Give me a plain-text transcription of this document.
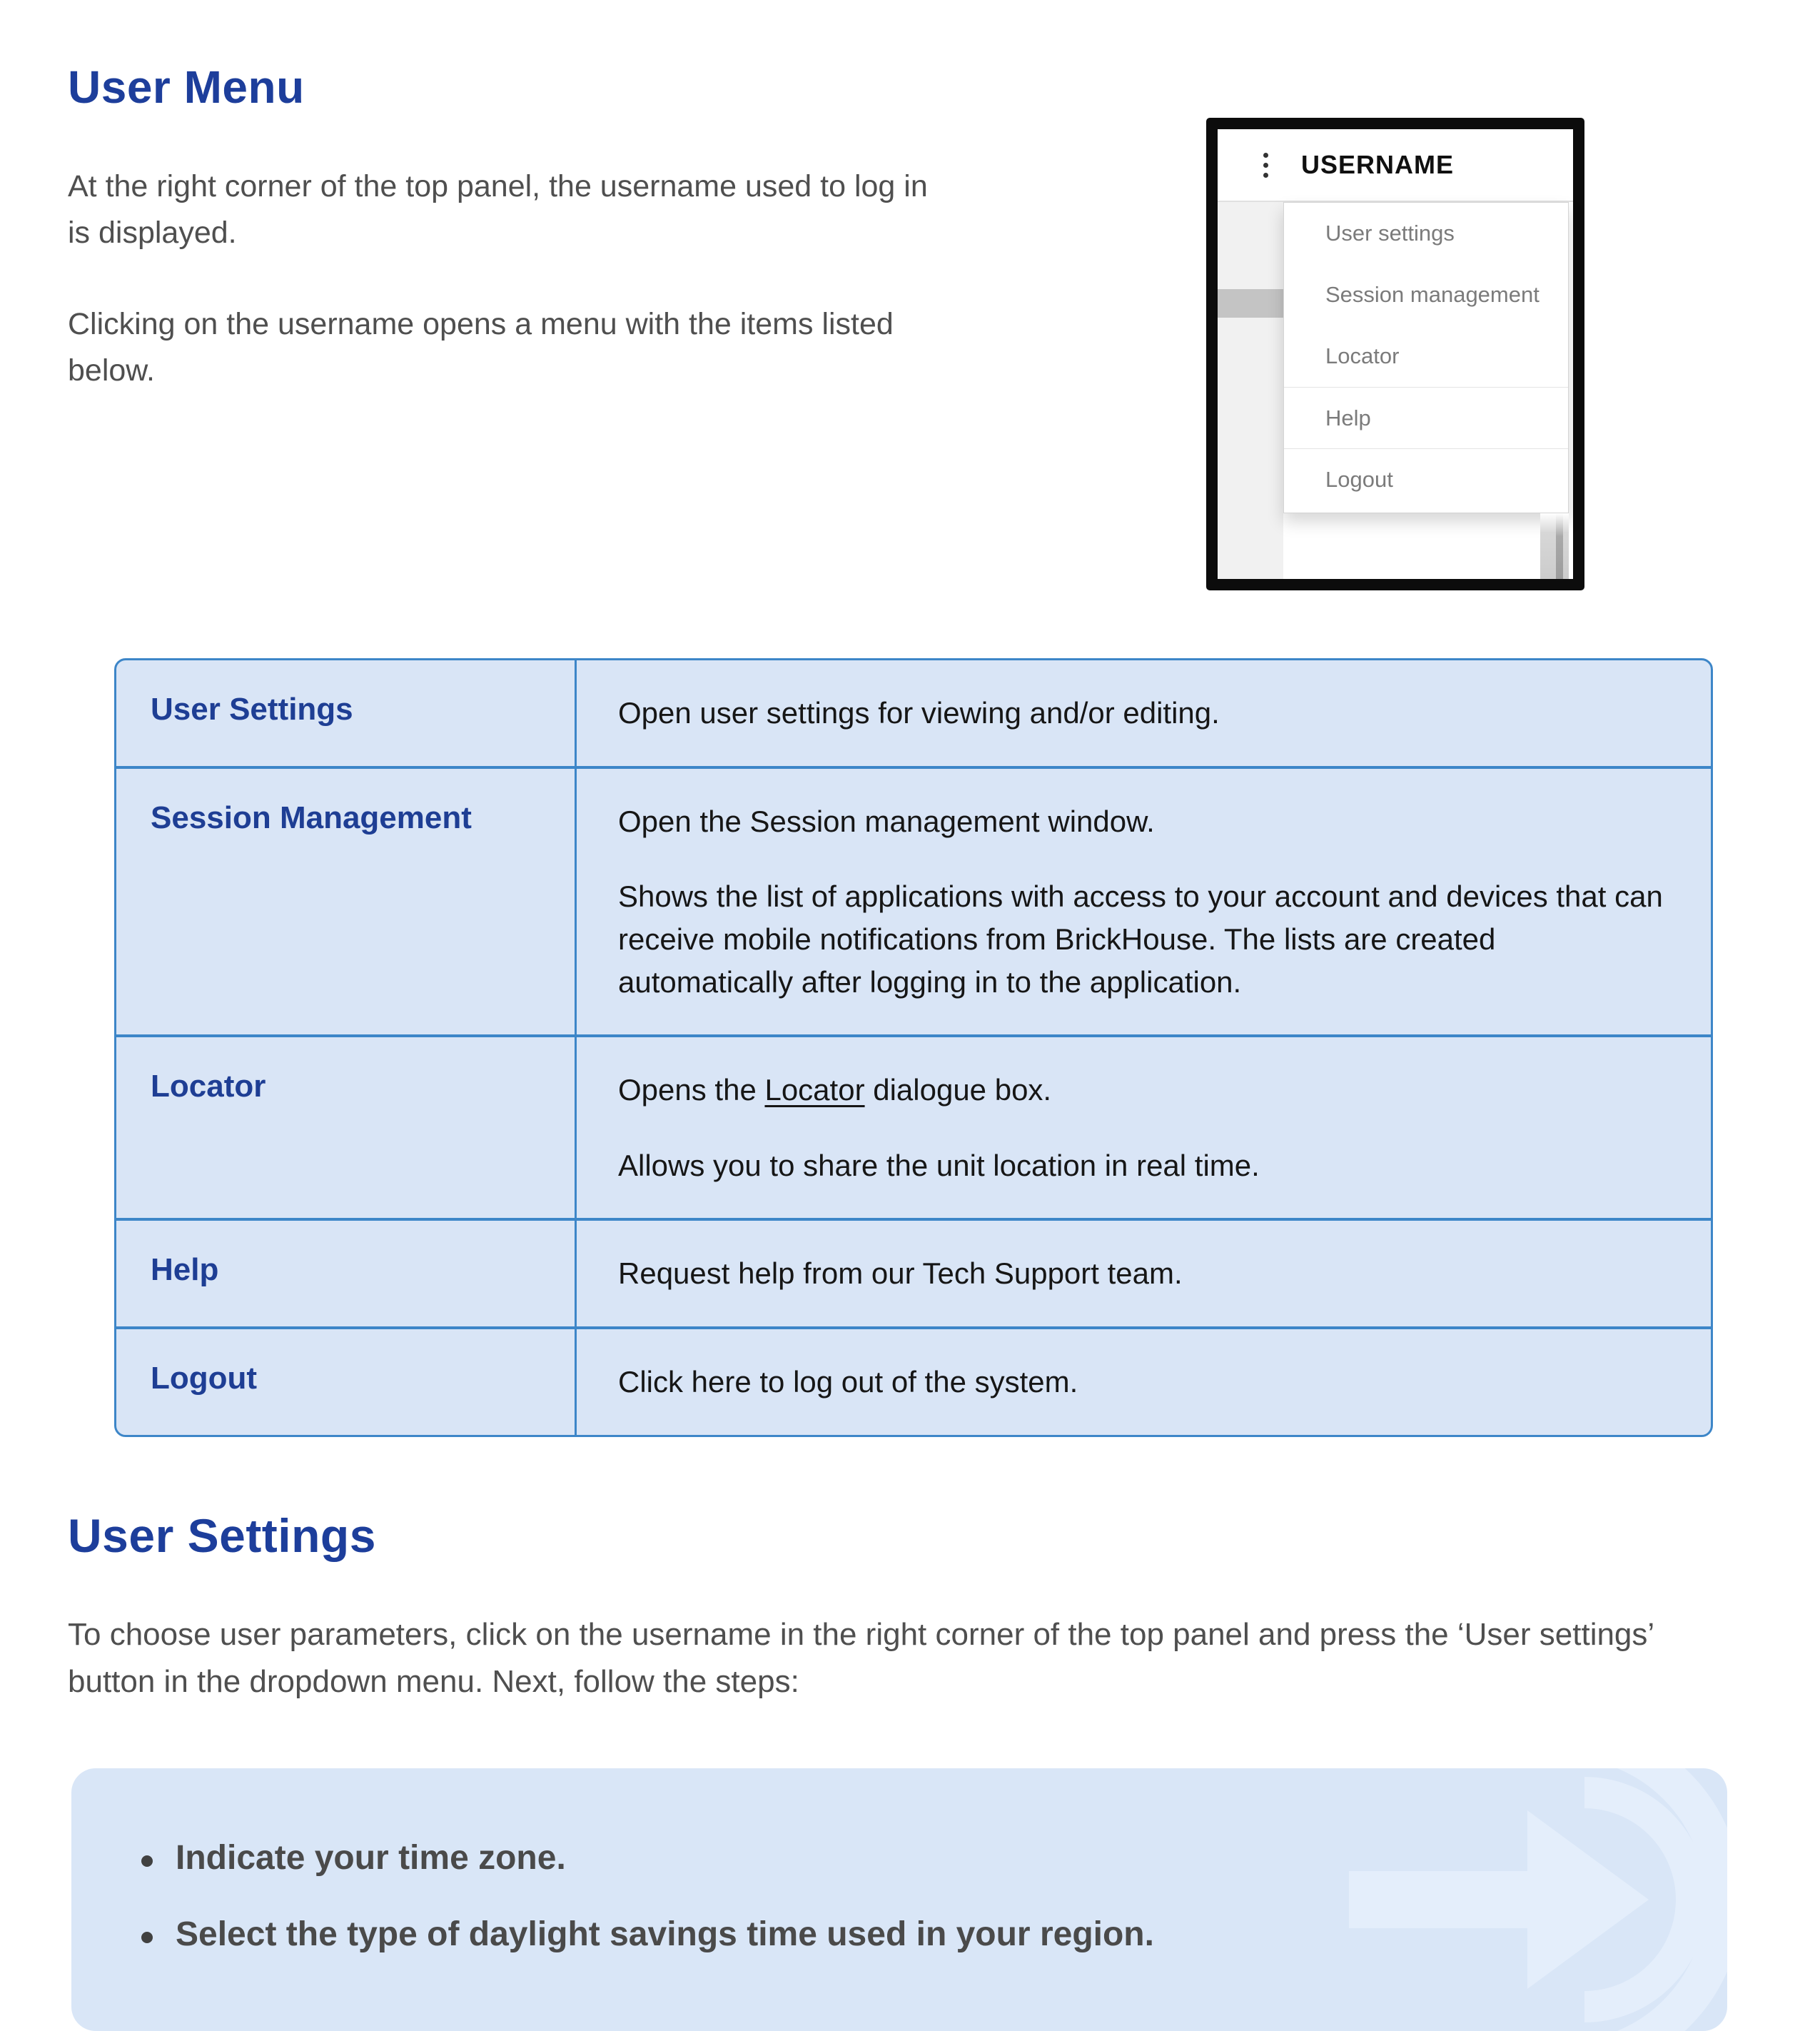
User Menu

At the right corner of the top panel, the username used to log in is displayed.

Clicking on the username opens a menu with the items listed below.

USERNAME
User settings
Session management
Locator
Help
Logout
User Settings	Open user settings for viewing and/or editing.

Session Management	Open the Session management window.

Shows the list of applications with access to your account and devices that can receive mobile notifications from BrickHouse. The lists are created automatically after logging in to the application.

Locator	Opens the Locator dialogue box.

Allows you to share the unit location in real time.

Help	Request help from our Tech Support team.

Logout	Click here to log out of the system.

User Settings

To choose user parameters, click on the username in the right corner of the top panel and press the ‘User settings’ button in the dropdown menu. Next, follow the steps:

Indicate your time zone.
Select the type of daylight savings time used in your region.
